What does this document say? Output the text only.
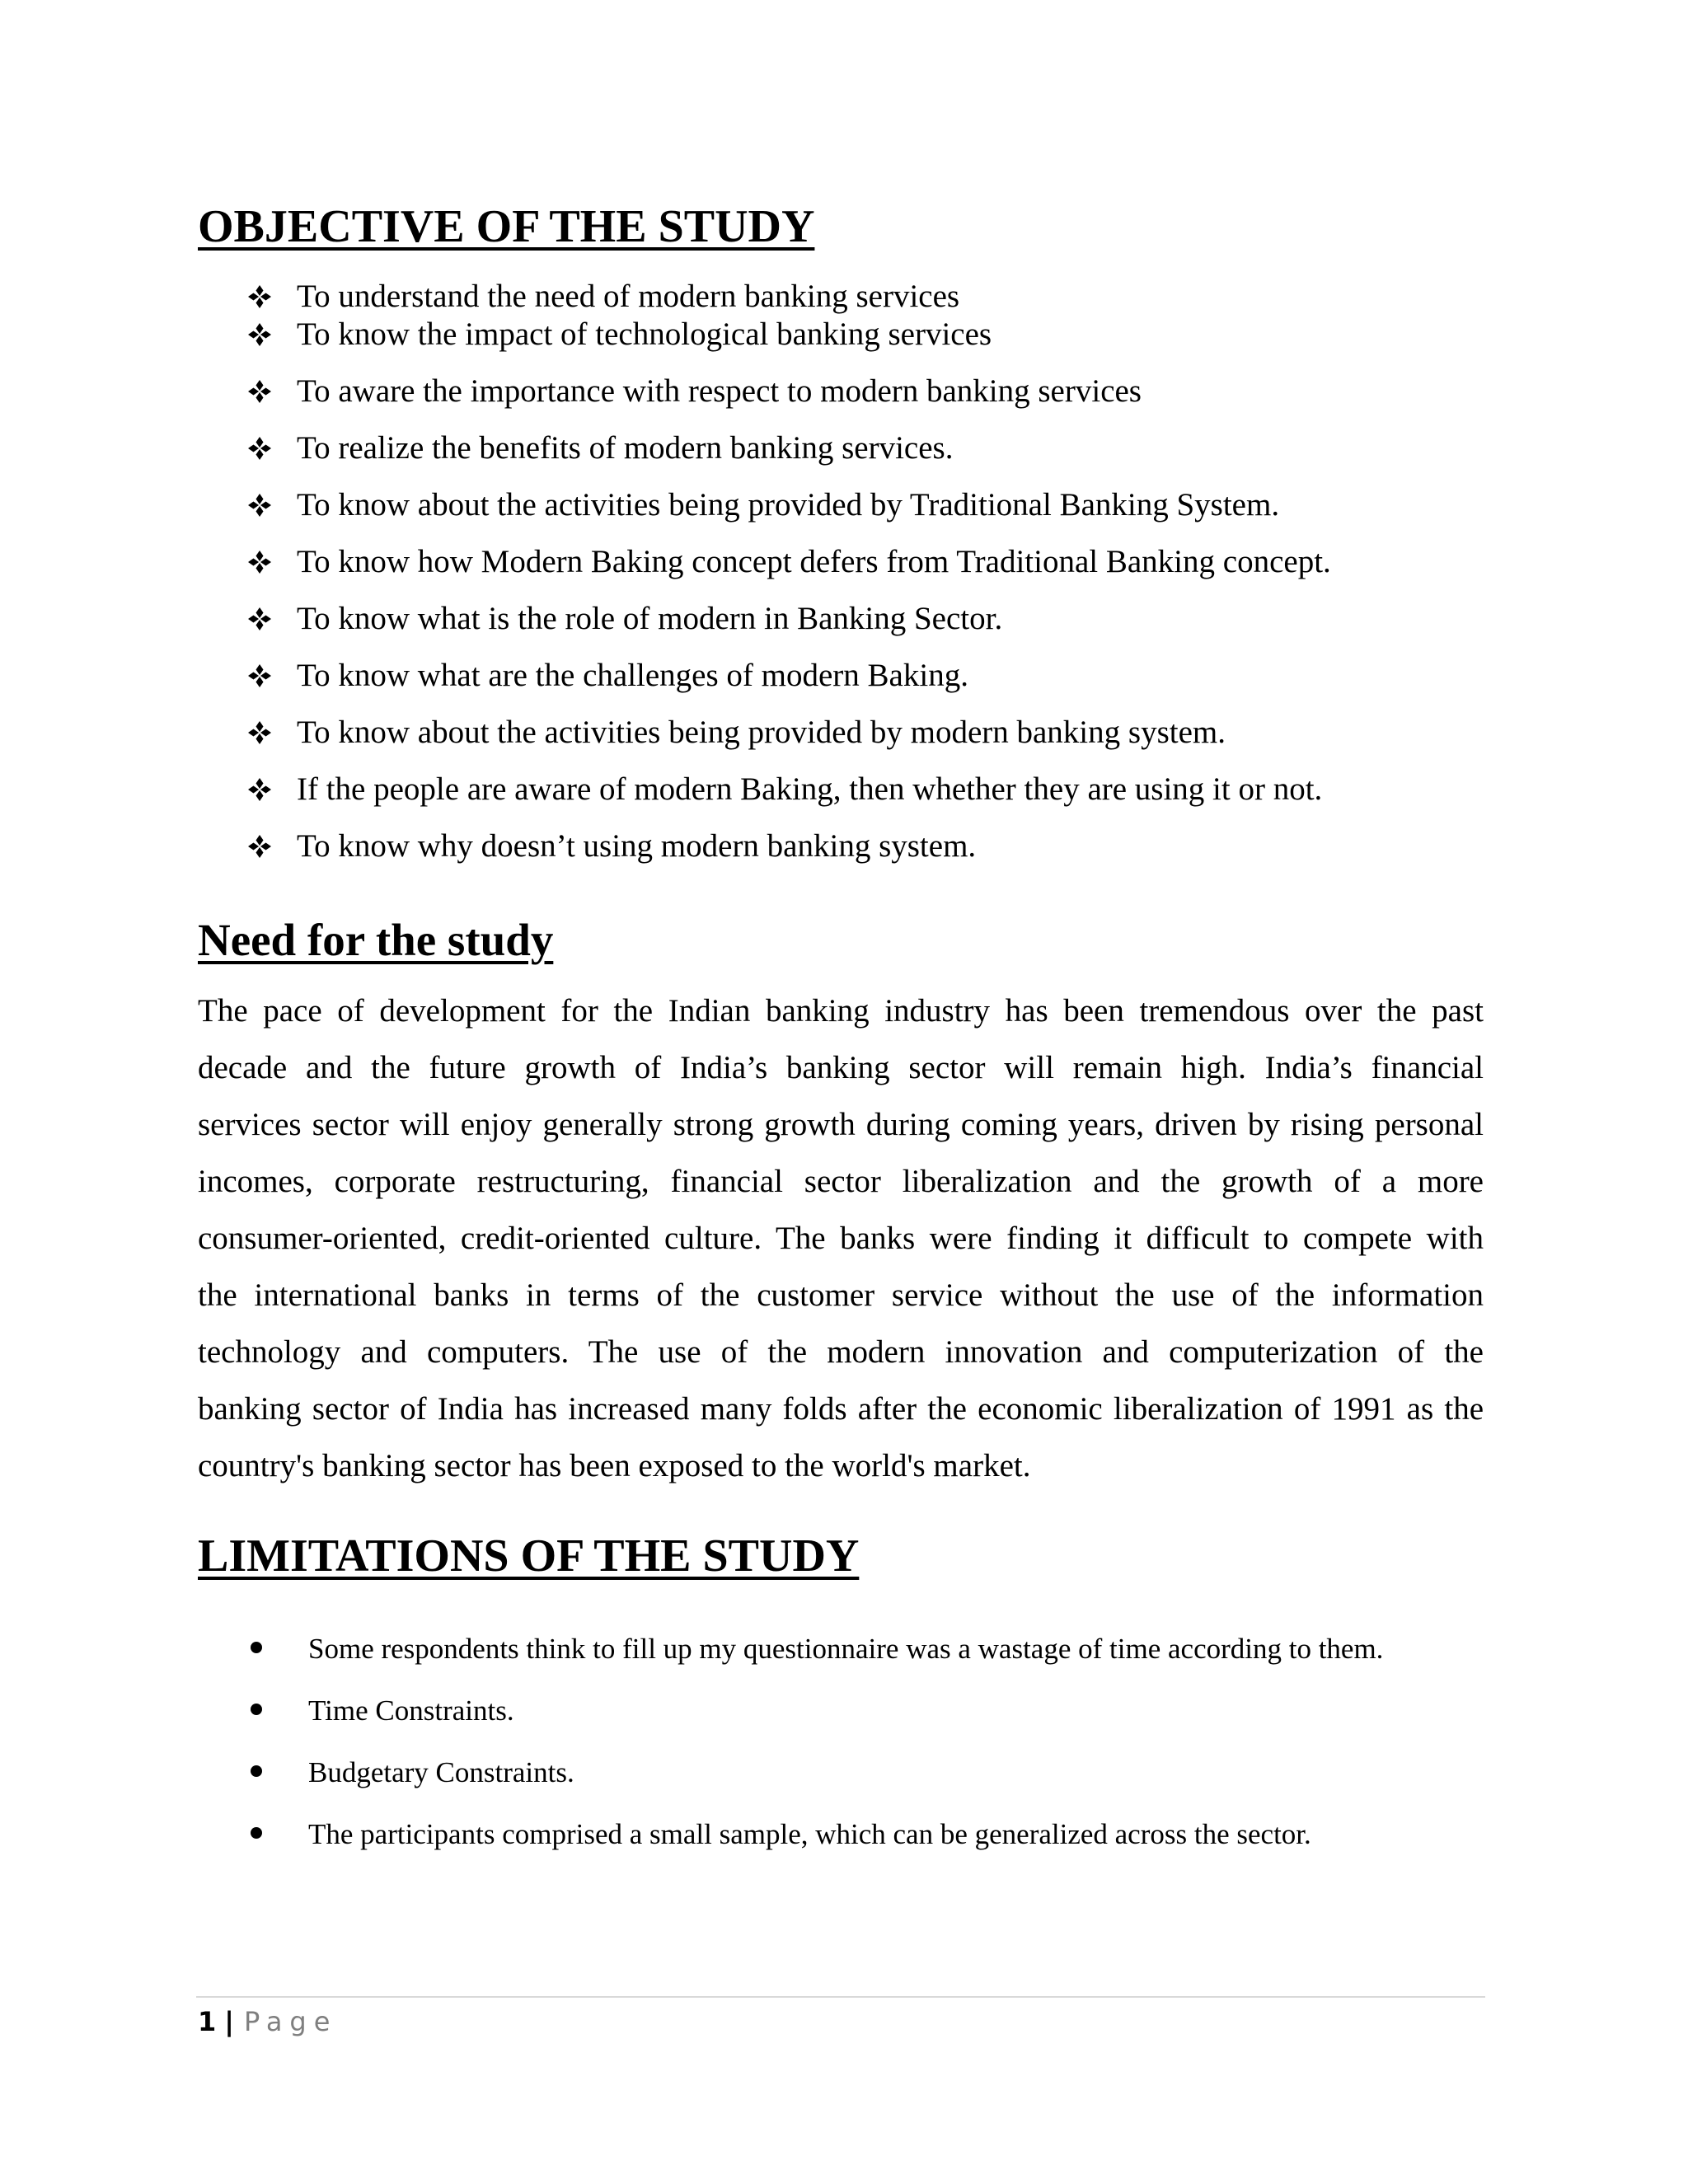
OBJECTIVE OF THE STUDY
To understand the need of modern banking services
To know the impact of technological banking services
To aware the importance with respect to modern banking services
To realize the benefits of modern banking services.
To know about the activities being provided by Traditional Banking System.
To know how Modern Baking concept defers from Traditional Banking concept.
To know what is the role of modern in Banking Sector.
To know what are the challenges of modern Baking.
To know about the activities being provided by modern banking system.
If the people are aware of modern Baking, then whether they are using it or not.
To know why doesn’t using modern banking system.
Need for the study
The pace of development for the Indian banking industry has been tremendous over the past
decade and the future growth of India’s banking sector will remain high. India’s financial
services sector will enjoy generally strong growth during coming years, driven by rising personal
incomes, corporate restructuring, financial sector liberalization and the growth of a more
consumer-oriented, credit-oriented culture. The banks were finding it difficult to compete with
the international banks in terms of the customer service without the use of the information
technology and computers. The use of the modern innovation and computerization of the
banking sector of India has increased many folds after the economic liberalization of 1991 as the
country's banking sector has been exposed to the world's market.
LIMITATIONS OF THE STUDY
Some respondents think to fill up my questionnaire was a wastage of time according to them.
Time Constraints.
Budgetary Constraints.
The participants comprised a small sample, which can be generalized across the sector.
1 | Page
